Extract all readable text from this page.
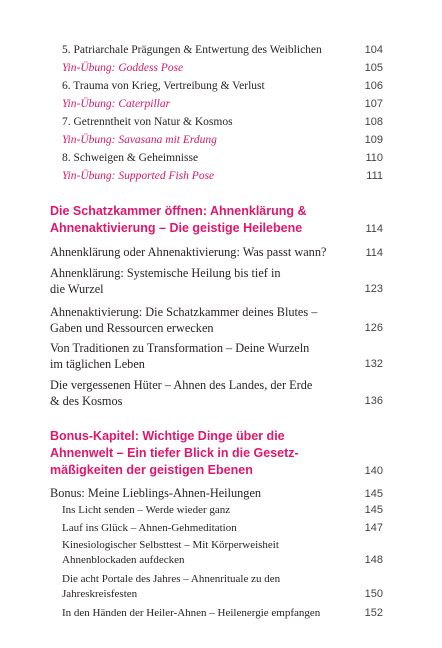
5. Patriarchale Prägungen & Entwertung des Weiblichen	104
Yin-Übung: Goddess Pose	105
6. Trauma von Krieg, Vertreibung & Verlust	106
Yin-Übung: Caterpillar	107
7. Getrenntheit von Natur & Kosmos	108
Yin-Übung: Savasana mit Erdung	109
8. Schweigen & Geheimnisse	110
Yin-Übung: Supported Fish Pose	111
Die Schatzkammer öffnen: Ahnenklärung &
Ahnenaktivierung – Die geistige Heilebene	114
Ahnenklärung oder Ahnenaktivierung: Was passt wann?	114
Ahnenklärung: Systemische Heilung bis tief in
die Wurzel	123
Ahnenaktivierung: Die Schatzkammer deines Blutes –
Gaben und Ressourcen erwecken	126
Von Traditionen zu Transformation – Deine Wurzeln
im täglichen Leben	132
Die vergessenen Hüter – Ahnen des Landes, der Erde
& des Kosmos	136
Bonus-Kapitel: Wichtige Dinge über die
Ahnenwelt – Ein tiefer Blick in die Gesetz-
mäßigkeiten der geistigen Ebenen	140
Bonus: Meine Lieblings-Ahnen-Heilungen	145
Ins Licht senden – Werde wieder ganz	145
Lauf ins Glück – Ahnen-Gehmeditation	147
Kinesiologischer Selbsttest – Mit Körperweisheit
Ahnenblockaden aufdecken	148
Die acht Portale des Jahres – Ahnenrituale zu den
Jahreskreisfesten	150
In den Händen der Heiler-Ahnen – Heilenergie empfangen	152
